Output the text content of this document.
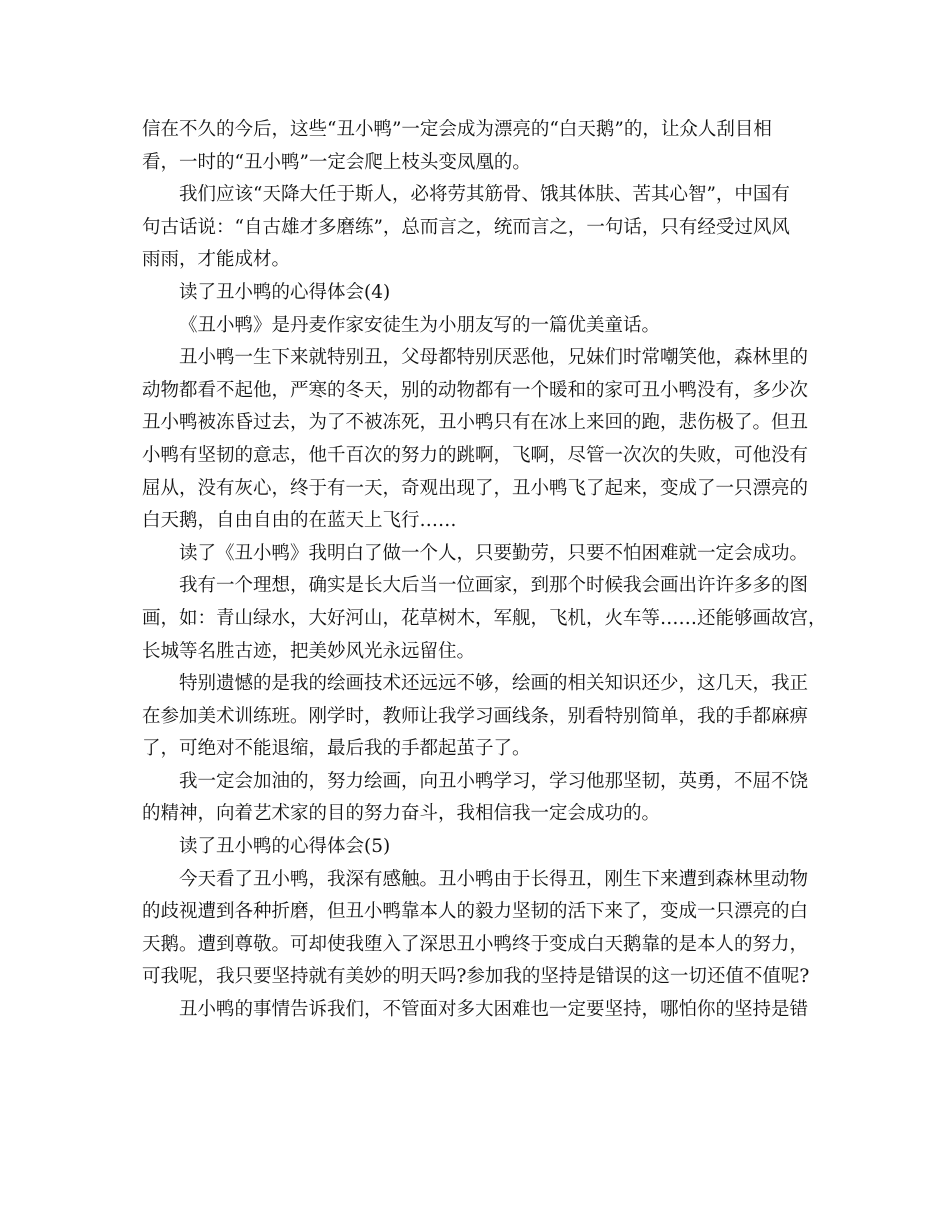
信在不久的今后，这些“丑小鸭”一定会成为漂亮的“白天鹅”的，让众人刮目相
看，一时的“丑小鸭”一定会爬上枝头变凤凰的。
我们应该“天降大任于斯人，必将劳其筋骨、饿其体肤、苦其心智”，中国有
句古话说：“自古雄才多磨练”，总而言之，统而言之，一句话，只有经受过风风
雨雨，才能成材。
读了丑小鸭的心得体会(4)
《丑小鸭》是丹麦作家安徒生为小朋友写的一篇优美童话。
丑小鸭一生下来就特别丑，父母都特别厌恶他，兄妹们时常嘲笑他，森林里的
动物都看不起他，严寒的冬天，别的动物都有一个暖和的家可丑小鸭没有，多少次
丑小鸭被冻昏过去，为了不被冻死，丑小鸭只有在冰上来回的跑，悲伤极了。但丑
小鸭有坚韧的意志，他千百次的努力的跳啊，飞啊，尽管一次次的失败，可他没有
屈从，没有灰心，终于有一天，奇观出现了，丑小鸭飞了起来，变成了一只漂亮的
白天鹅，自由自由的在蓝天上飞行……
读了《丑小鸭》我明白了做一个人，只要勤劳，只要不怕困难就一定会成功。
我有一个理想，确实是长大后当一位画家，到那个时候我会画出许许多多的图
画，如：青山绿水，大好河山，花草树木，军舰，飞机，火车等……还能够画故宫，
长城等名胜古迹，把美妙风光永远留住。
特别遗憾的是我的绘画技术还远远不够，绘画的相关知识还少，这几天，我正
在参加美术训练班。刚学时，教师让我学习画线条，别看特别简单，我的手都麻痹
了，可绝对不能退缩，最后我的手都起茧子了。
我一定会加油的，努力绘画，向丑小鸭学习，学习他那坚韧，英勇，不屈不饶
的精神，向着艺术家的目的努力奋斗，我相信我一定会成功的。
读了丑小鸭的心得体会(5)
今天看了丑小鸭，我深有感触。丑小鸭由于长得丑，刚生下来遭到森林里动物
的歧视遭到各种折磨，但丑小鸭靠本人的毅力坚韧的活下来了，变成一只漂亮的白
天鹅。遭到尊敬。可却使我堕入了深思丑小鸭终于变成白天鹅靠的是本人的努力，
可我呢，我只要坚持就有美妙的明天吗?参加我的坚持是错误的这一切还值不值呢?
丑小鸭的事情告诉我们，不管面对多大困难也一定要坚持，哪怕你的坚持是错
